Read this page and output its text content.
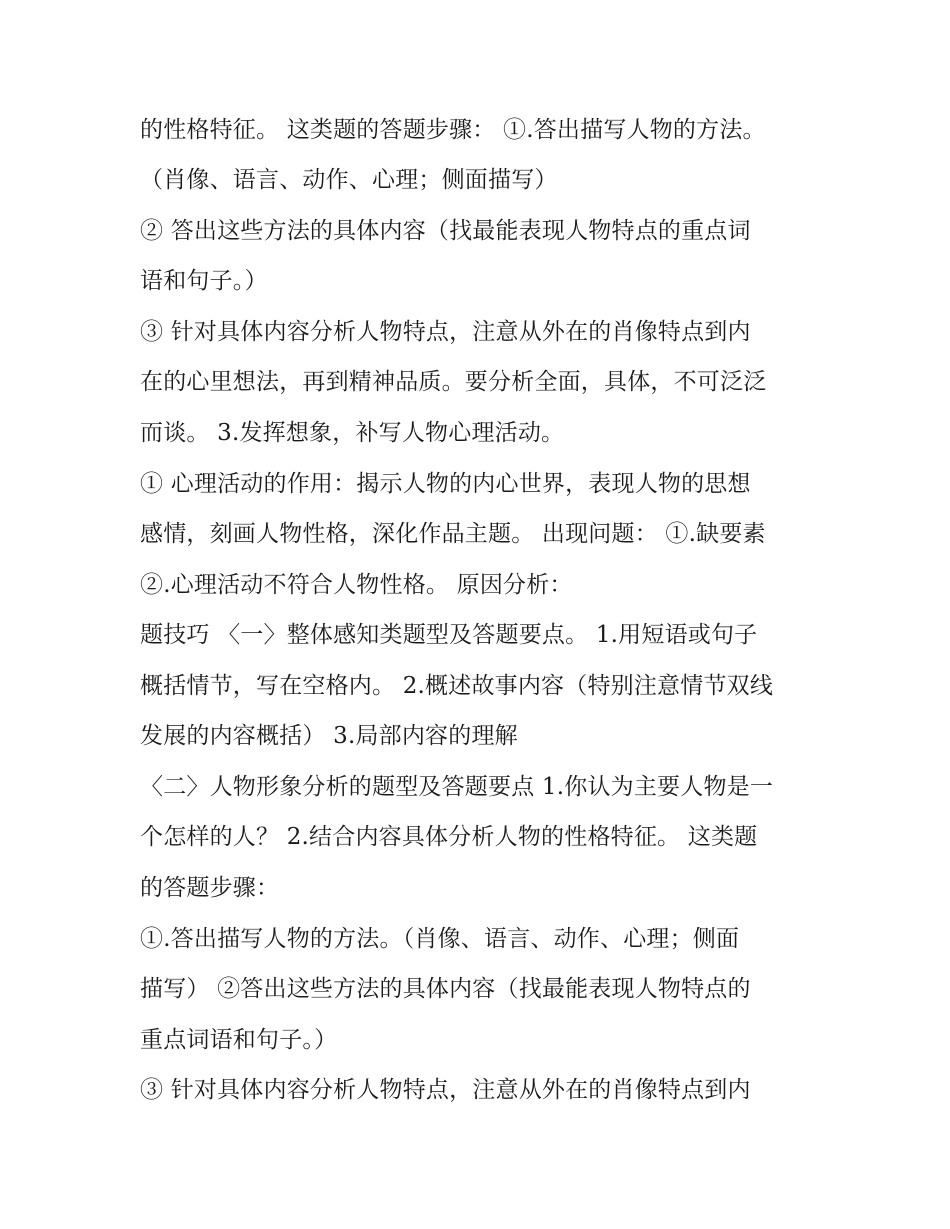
的性格特征。 这类题的答题步骤： ①.答出描写人物的方法。
（肖像、语言、动作、心理；侧面描写）
② 答出这些方法的具体内容（找最能表现人物特点的重点词
语和句子。）
③ 针对具体内容分析人物特点，注意从外在的肖像特点到内
在的心里想法，再到精神品质。要分析全面，具体，不可泛泛
而谈。 3.发挥想象，补写人物心理活动。
① 心理活动的作用：揭示人物的内心世界，表现人物的思想
感情，刻画人物性格，深化作品主题。 出现问题： ①.缺要素
②.心理活动不符合人物性格。 原因分析：
题技巧 〈一〉整体感知类题型及答题要点。 1.用短语或句子
概括情节，写在空格内。 2.概述故事内容（特别注意情节双线
发展的内容概括） 3.局部内容的理解
〈二〉人物形象分析的题型及答题要点 1.你认为主要人物是一
个怎样的人？ 2.结合内容具体分析人物的性格特征。 这类题
的答题步骤：
①.答出描写人物的方法。（肖像、语言、动作、心理；侧面
描写） ②答出这些方法的具体内容（找最能表现人物特点的
重点词语和句子。）
③ 针对具体内容分析人物特点，注意从外在的肖像特点到内
